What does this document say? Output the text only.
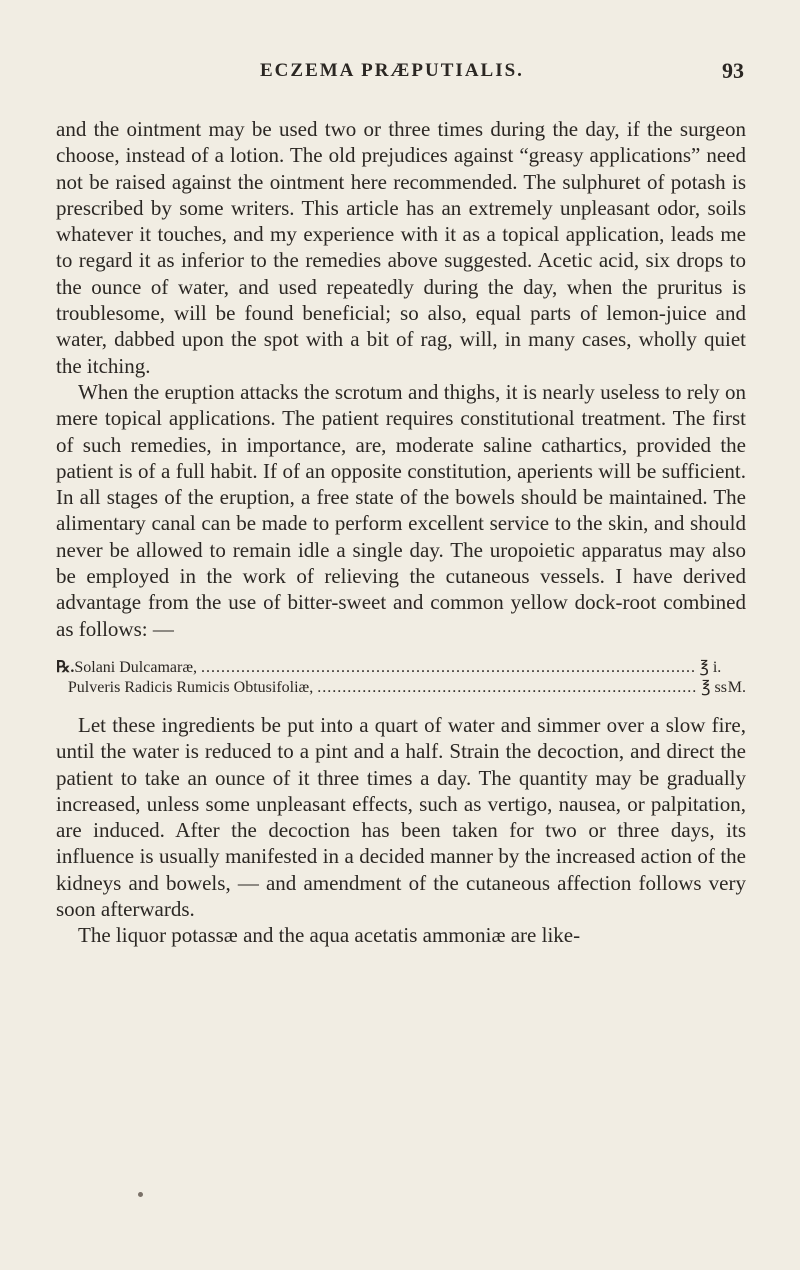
ECZEMA PRÆPUTIALIS.	93

and the ointment may be used two or three times during the day, if the surgeon choose, instead of a lotion. The old prejudices against “greasy applications” need not be raised against the ointment here recommended. The sulphuret of potash is prescribed by some writers. This article has an extremely unpleasant odor, soils whatever it touches, and my experience with it as a topical application, leads me to regard it as inferior to the remedies above suggested. Acetic acid, six drops to the ounce of water, and used repeatedly during the day, when the pruritus is troublesome, will be found beneficial; so also, equal parts of lemon-juice and water, dabbed upon the spot with a bit of rag, will, in many cases, wholly quiet the itching.

When the eruption attacks the scrotum and thighs, it is nearly useless to rely on mere topical applications. The patient requires constitutional treatment. The first of such remedies, in importance, are, moderate saline cathartics, provided the patient is of a full habit. If of an opposite constitution, aperients will be sufficient. In all stages of the eruption, a free state of the bowels should be maintained. The alimentary canal can be made to perform excellent service to the skin, and should never be allowed to remain idle a single day. The uropoietic apparatus may also be employed in the work of relieving the cutaneous vessels. I have derived advantage from the use of bitter-sweet and common yellow dock-root combined as follows: —

℞. Solani Dulcamaræ, .....	℥ i.
Pulveris Radicis Rumicis Obtusifoliæ, .....	℥ ss M.

Let these ingredients be put into a quart of water and simmer over a slow fire, until the water is reduced to a pint and a half. Strain the decoction, and direct the patient to take an ounce of it three times a day. The quantity may be gradually increased, unless some unpleasant effects, such as vertigo, nausea, or palpitation, are induced. After the decoction has been taken for two or three days, its influence is usually manifested in a decided manner by the increased action of the kidneys and bowels, — and amendment of the cutaneous affection follows very soon afterwards.

The liquor potassæ and the aqua acetatis ammoniæ are like-
